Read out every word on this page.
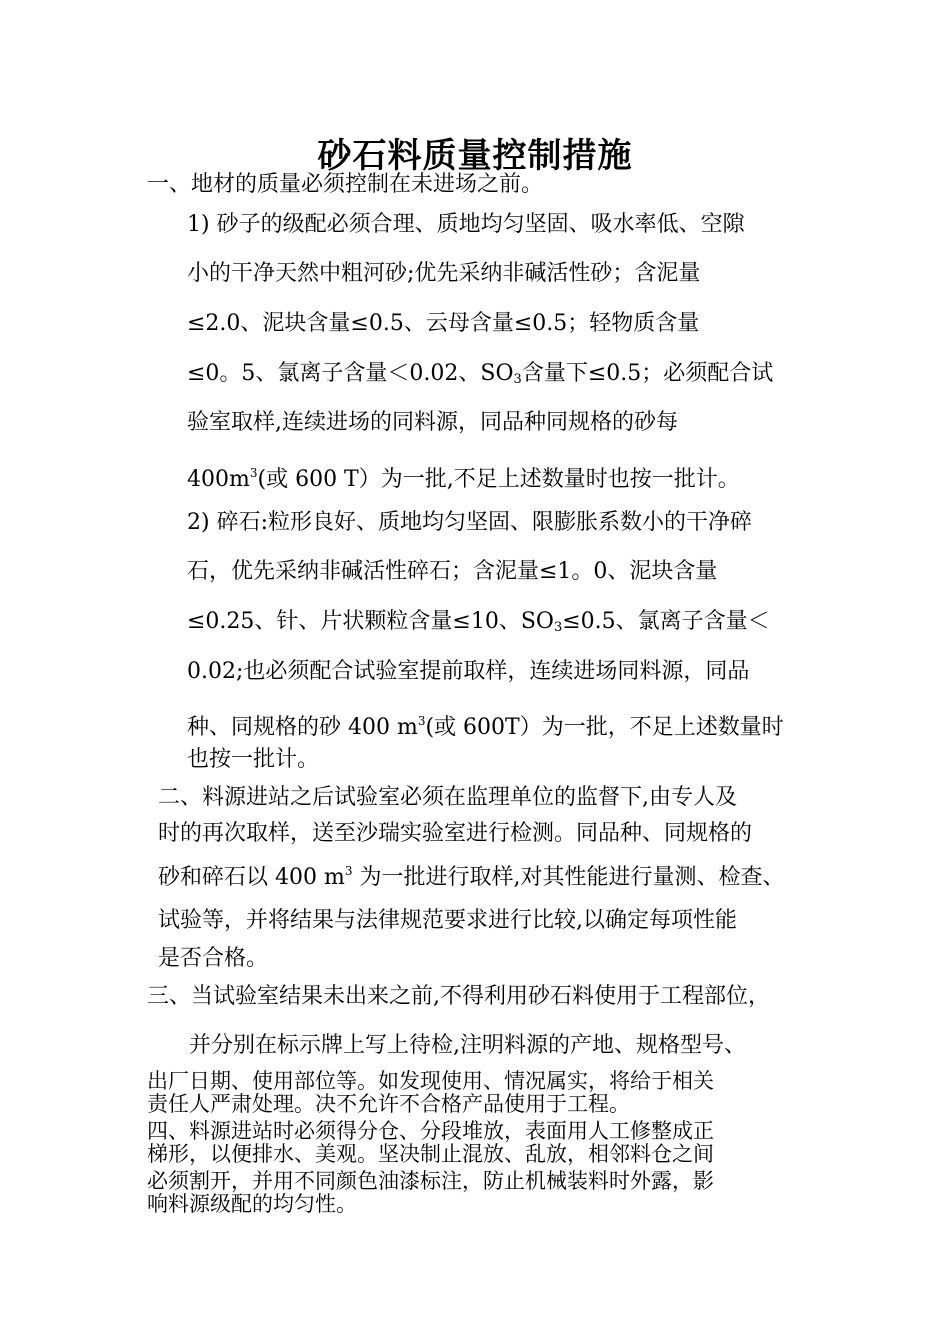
砂石料质量控制措施
一、地材的质量必须控制在未进场之前。
1) 砂子的级配必须合理、质地均匀坚固、吸水率低、空隙
小的干净天然中粗河砂;优先采纳非碱活性砂；含泥量
≤2.0、泥块含量≤0.5、云母含量≤0.5；轻物质含量
≤0。5、氯离子含量＜0.02、$SO_3$含量下≤0.5；必须配合试
验室取样,连续进场的同料源，同品种同规格的砂每
$400m^3$(或 600 T）为一批,不足上述数量时也按一批计。
2) 碎石:粒形良好、质地均匀坚固、限膨胀系数小的干净碎
石，优先采纳非碱活性碎石；含泥量≤1。0、泥块含量
≤0.25、针、片状颗粒含量≤10、$SO_3\le 0.5$、氯离子含量＜
0.02;也必须配合试验室提前取样，连续进场同料源，同品
种、同规格的砂 400 $m^3$(或 600T）为一批，不足上述数量时
也按一批计。
二、料源进站之后试验室必须在监理单位的监督下,由专人及
时的再次取样，送至沙瑞实验室进行检测。同品种、同规格的
砂和碎石以 400 $m^3$ 为一批进行取样,对其性能进行量测、检查、
试验等，并将结果与法律规范要求进行比较,以确定每项性能
是否合格。
三、当试验室结果未出来之前,不得利用砂石料使用于工程部位，
并分别在标示牌上写上待检,注明料源的产地、规格型号、
出厂日期、使用部位等。如发现使用、情况属实，将给于相关
责任人严肃处理。决不允许不合格产品使用于工程。
四、料源进站时必须得分仓、分段堆放，表面用人工修整成正
梯形，以便排水、美观。坚决制止混放、乱放，相邻料仓之间
必须割开，并用不同颜色油漆标注，防止机械装料时外露，影
响料源级配的均匀性。
